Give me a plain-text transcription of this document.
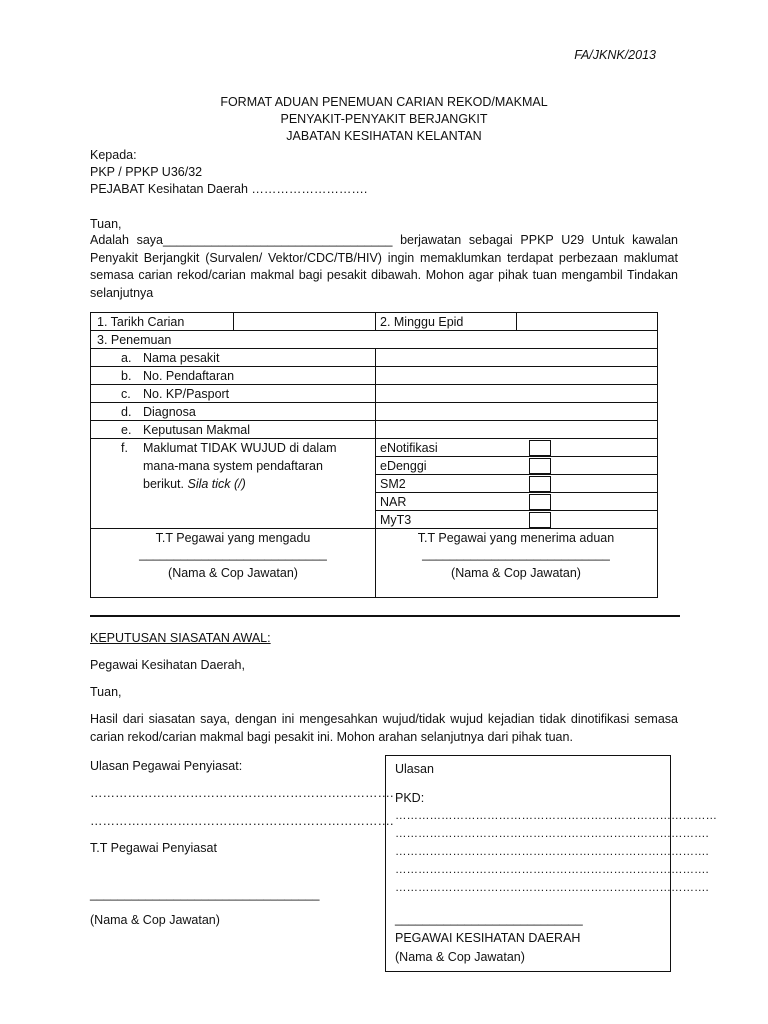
FA/JKNK/2013
FORMAT ADUAN PENEMUAN CARIAN REKOD/MAKMAL
PENYAKIT-PENYAKIT BERJANGKIT
JABATAN KESIHATAN KELANTAN
Kepada:
PKP / PPKP U36/32
PEJABAT Kesihatan Daerah ……………………….
Tuan,
Adalah saya_________________________________ berjawatan sebagai PPKP U29 Untuk kawalan
Penyakit Berjangkit (Survalen/ Vektor/CDC/TB/HIV) ingin memaklumkan terdapat perbezaan maklumat
semasa carian rekod/carian makmal bagi pesakit dibawah. Mohon agar pihak tuan mengambil Tindakan
selanjutnya
1. Tarikh Carian	2. Minggu Epid
3. Penemuan
a. Nama pesakit
b. No. Pendaftaran
c. No. KP/Pasport
d. Diagnosa
e. Keputusan Makmal
f. Maklumat TIDAK WUJUD di dalam
mana-mana system pendaftaran
berikut. Sila tick (/)
eNotifikasi
eDenggi
SM2
NAR
MyT3
T.T Pegawai yang mengadu
___________________________
(Nama & Cop Jawatan)
T.T Pegawai yang menerima aduan
___________________________
(Nama & Cop Jawatan)
KEPUTUSAN SIASATAN AWAL:
Pegawai Kesihatan Daerah,
Tuan,
Hasil dari siasatan saya, dengan ini mengesahkan wujud/tidak wujud kejadian tidak dinotifikasi semasa
carian rekod/carian makmal bagi pesakit ini. Mohon arahan selanjutnya dari pihak tuan.
Ulasan Pegawai Penyiasat:
……………………………………………………………….
……………………………………………………………….
T.T Pegawai Penyiasat
_________________________________
(Nama & Cop Jawatan)
Ulasan
PKD:
…………………………………………………………………………
……………………………………………………………………….
……………………………………………………………………….
……………………………………………………………………….
……………………………………………………………………….
___________________________
PEGAWAI KESIHATAN DAERAH
(Nama & Cop Jawatan)
